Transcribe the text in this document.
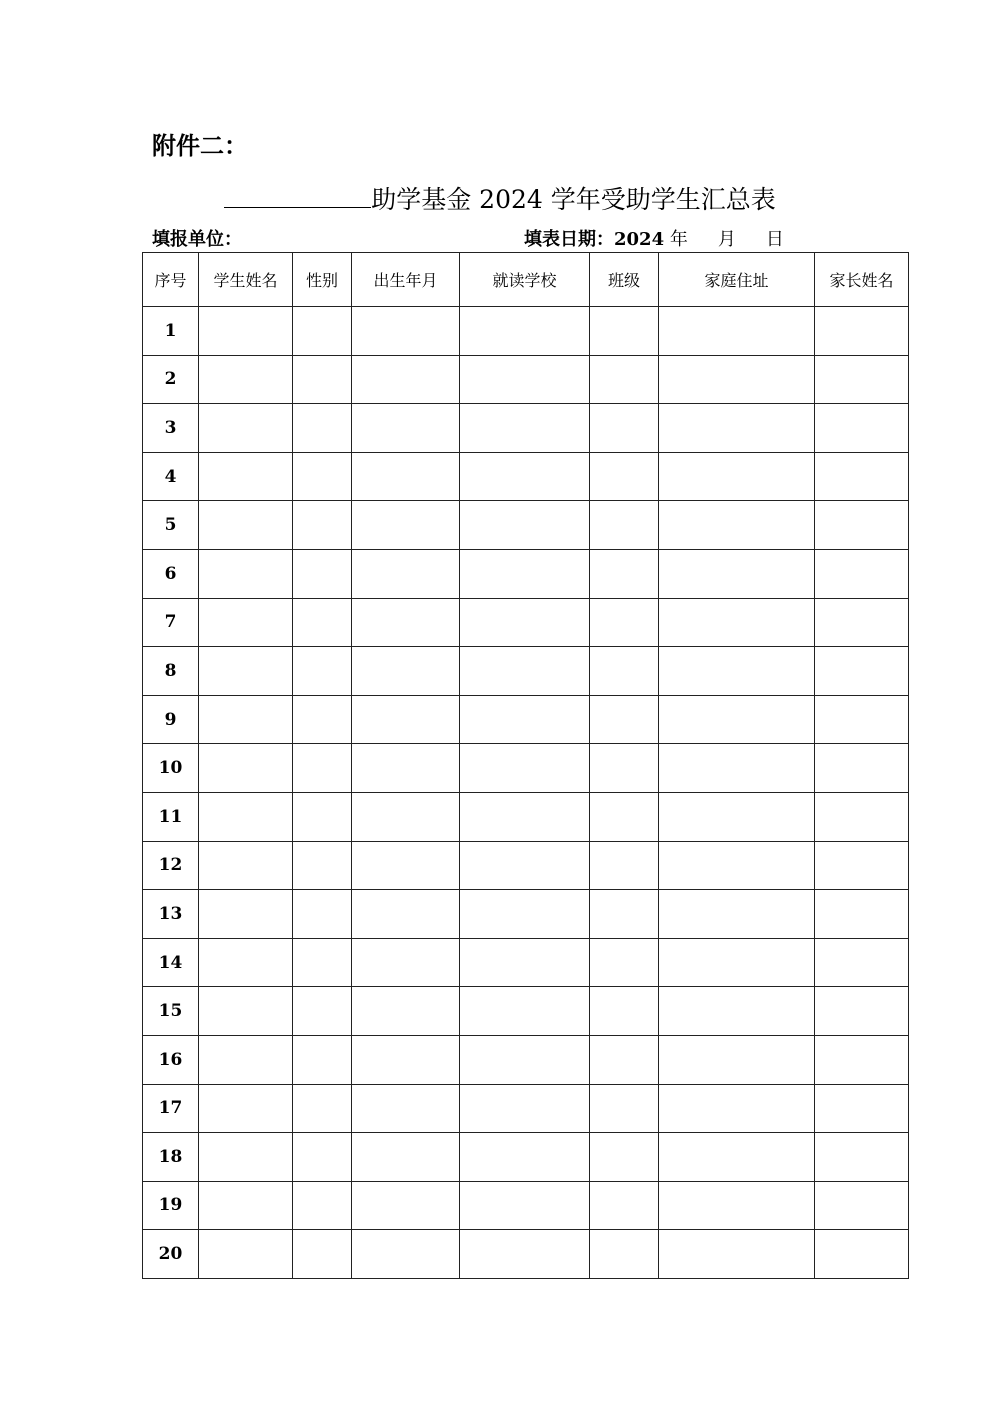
附件二：
助学基金 2024 学年受助学生汇总表
填报单位：	填表日期：2024 年 月 日
序号	学生姓名	性别	出生年月	就读学校	班级	家庭住址	家长姓名
1							
2							
3							
4							
5							
6							
7							
8							
9							
10							
11							
12							
13							
14							
15							
16							
17							
18							
19							
20							
